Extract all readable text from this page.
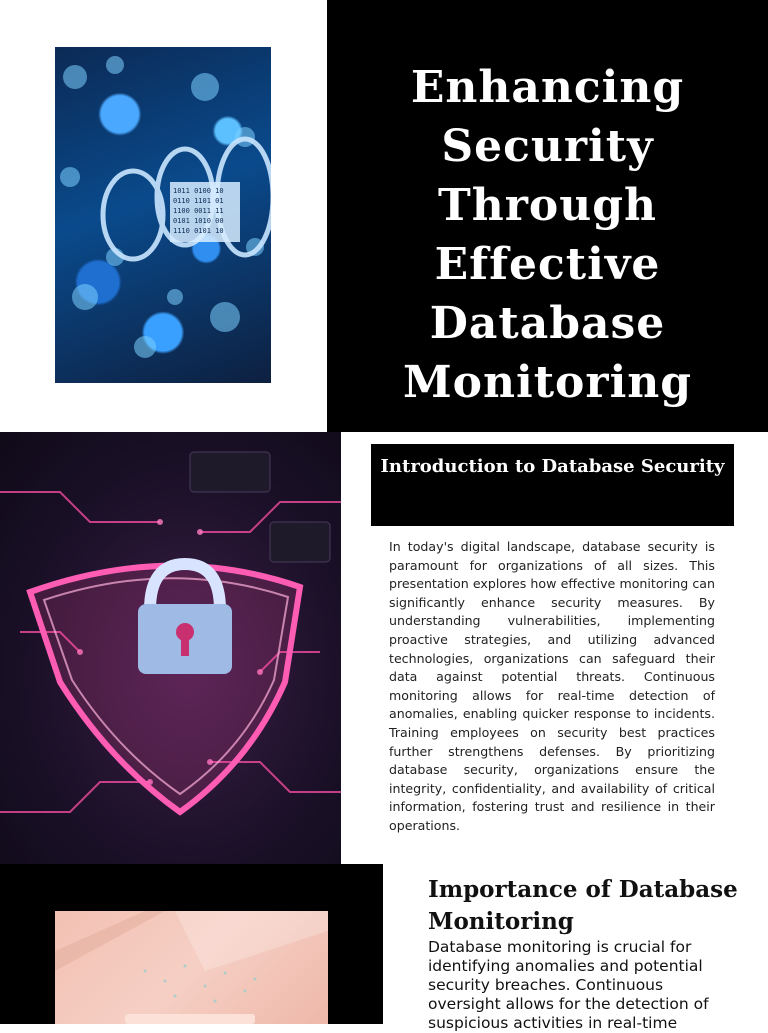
1011 0100 10
0110 1101 01
1100 0011 11
0101 1010 00
1110 0101 10
Enhancing Security Through Effective Database Monitoring
Introduction to Database Security

In today's digital landscape, database security is paramount for organizations of all sizes. This presentation explores how effective monitoring can significantly enhance security measures. By understanding vulnerabilities, implementing proactive strategies, and utilizing advanced technologies, organizations can safeguard their data against potential threats. Continuous monitoring allows for real-time detection of anomalies, enabling quicker response to incidents. Training employees on security best practices further strengthens defenses. By prioritizing database security, organizations ensure the integrity, confidentiality, and availability of critical information, fostering trust and resilience in their operations.

Importance of Database Monitoring

Database monitoring is crucial for identifying anomalies and potential security breaches. Continuous oversight allows for the detection of suspicious activities in real-time
